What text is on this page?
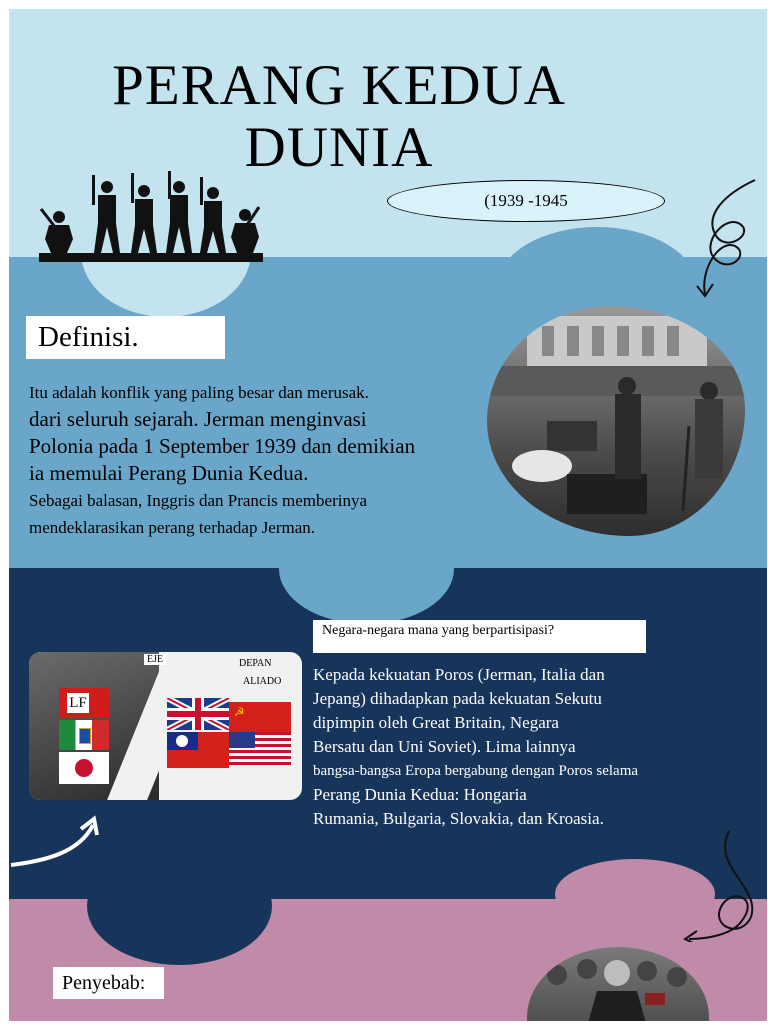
PERANG KEDUA
DUNIA
(1939 -1945
Definisi.
Itu adalah konflik yang paling besar dan merusak.
dari seluruh sejarah. Jerman menginvasi
Polonia pada 1 September 1939 dan demikian
ia memulai Perang Dunia Kedua.
Sebagai balasan, Inggris dan Prancis memberinya
mendeklarasikan perang terhadap Jerman.
EJE	DEPAN
ALIADO
LF
☭
Negara-negara mana yang berpartisipasi?
Kepada kekuatan Poros (Jerman, Italia dan
Jepang) dihadapkan pada kekuatan Sekutu
dipimpin oleh Great Britain, Negara
Bersatu dan Uni Soviet). Lima lainnya
bangsa-bangsa Eropa bergabung dengan Poros selama
Perang Dunia Kedua: Hongaria
Rumania, Bulgaria, Slovakia, dan Kroasia.
Penyebab:
